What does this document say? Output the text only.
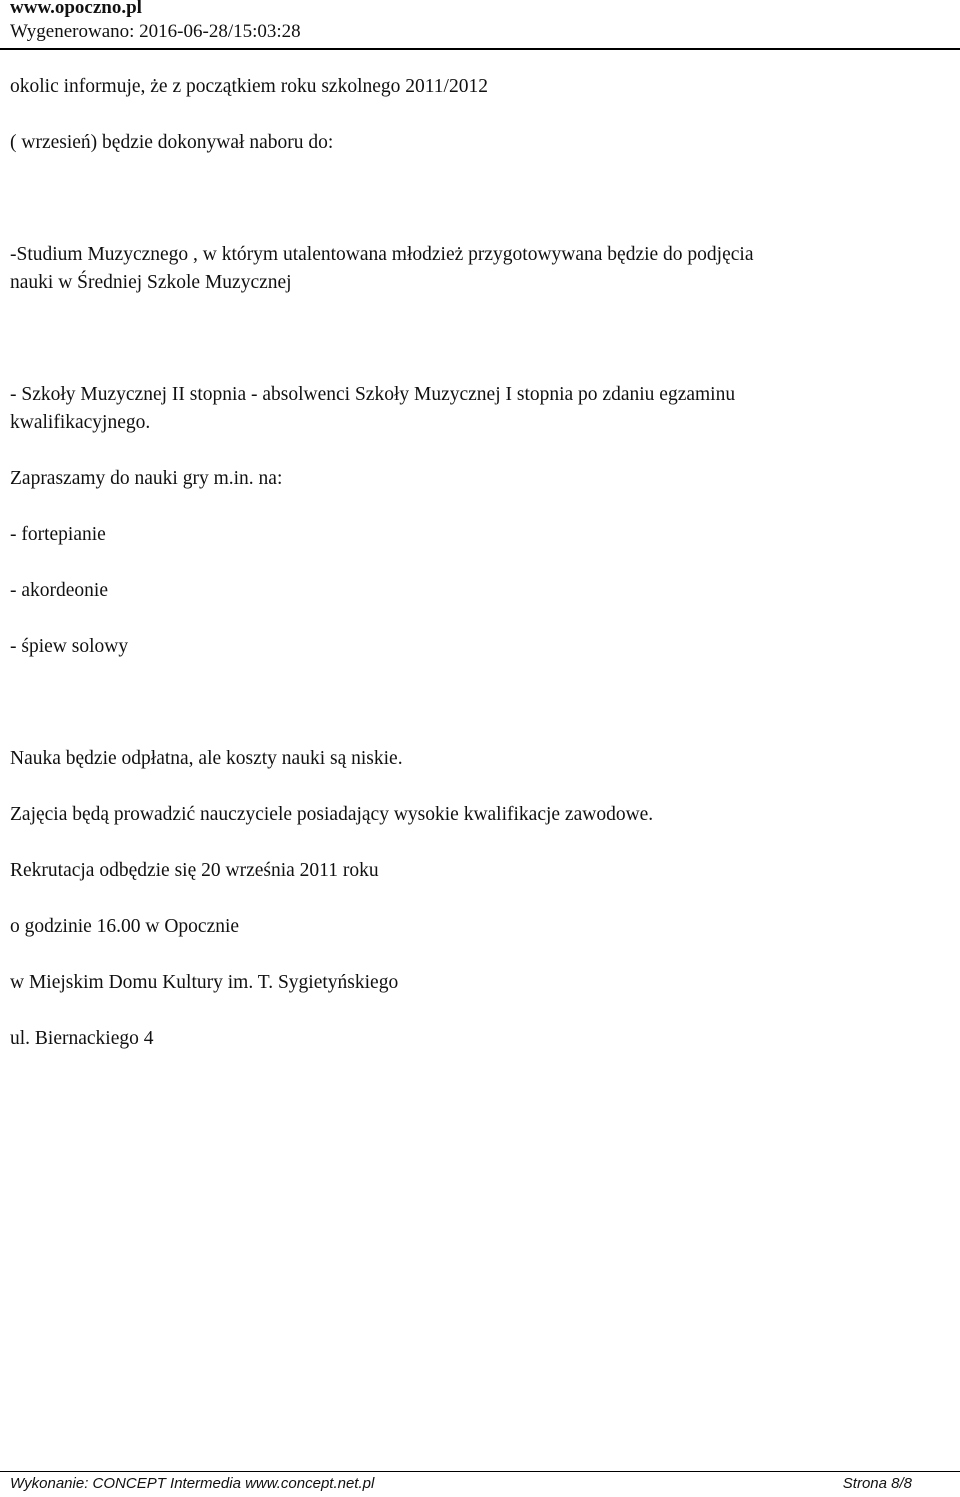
www.opoczno.pl
Wygenerowano: 2016-06-28/15:03:28
okolic informuje, że z początkiem roku szkolnego 2011/2012
( wrzesień) będzie dokonywał naboru do:
-Studium Muzycznego , w którym utalentowana młodzież przygotowywana będzie do podjęcia
nauki w Średniej Szkole Muzycznej
- Szkoły Muzycznej II stopnia - absolwenci Szkoły Muzycznej I stopnia po zdaniu egzaminu
kwalifikacyjnego.
Zapraszamy do nauki gry m.in. na:
- fortepianie
- akordeonie
- śpiew solowy
Nauka będzie odpłatna, ale koszty nauki są niskie.
Zajęcia będą prowadzić nauczyciele posiadający wysokie kwalifikacje zawodowe.
Rekrutacja odbędzie się 20 września 2011 roku
o godzinie 16.00 w Opocznie
w Miejskim Domu Kultury im. T. Sygietyńskiego
ul. Biernackiego 4
Wykonanie: CONCEPT Intermedia www.concept.net.pl	Strona 8/8
